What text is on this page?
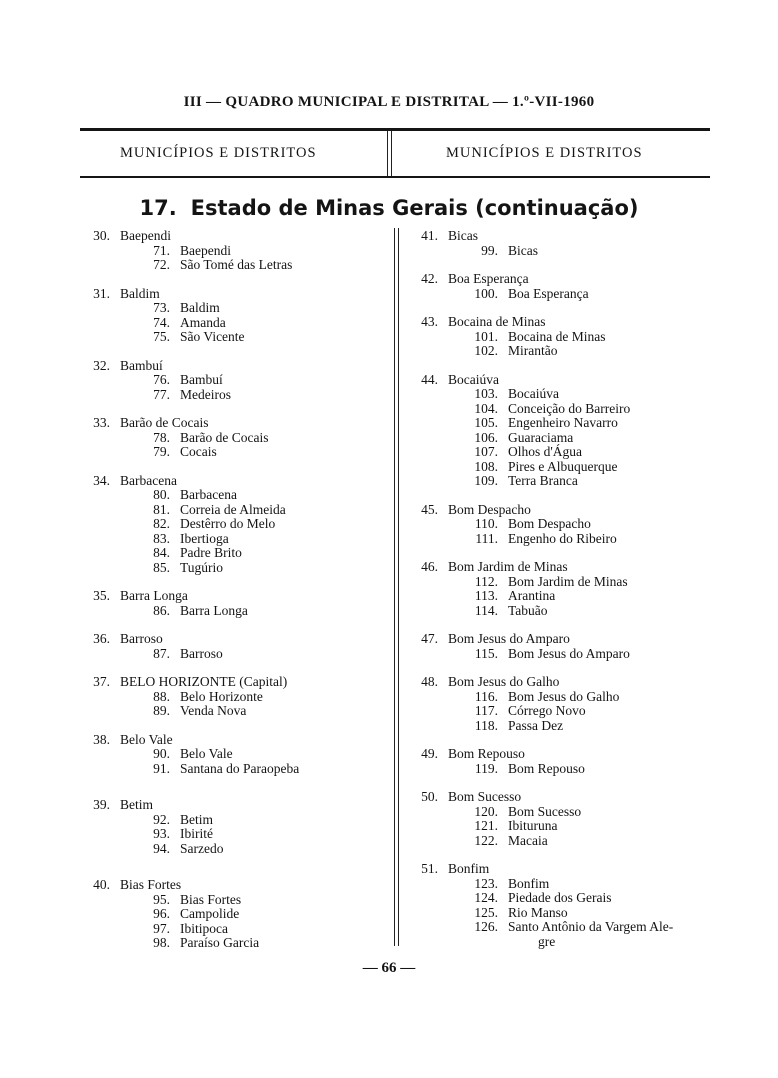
III — QUADRO MUNICIPAL E DISTRITAL — 1.º-VII-1960
MUNICÍPIOS E DISTRITOS	MUNICÍPIOS E DISTRITOS
17. Estado de Minas Gerais (continuação)
30. Baependi
71. Baependi
72. São Tomé das Letras
31. Baldim
73. Baldim
74. Amanda
75. São Vicente
32. Bambuí
76. Bambuí
77. Medeiros
33. Barão de Cocais
78. Barão de Cocais
79. Cocais
34. Barbacena
80. Barbacena
81. Correia de Almeida
82. Destêrro do Melo
83. Ibertioga
84. Padre Brito
85. Tugúrio
35. Barra Longa
86. Barra Longa
36. Barroso
87. Barroso
37. BELO HORIZONTE (Capital)
88. Belo Horizonte
89. Venda Nova
38. Belo Vale
90. Belo Vale
91. Santana do Paraopeba
39. Betim
92. Betim
93. Ibirité
94. Sarzedo
40. Bias Fortes
95. Bias Fortes
96. Campolide
97. Ibitipoca
98. Paraíso Garcia
41. Bicas
99. Bicas
42. Boa Esperança
100. Boa Esperança
43. Bocaina de Minas
101. Bocaina de Minas
102. Mirantão
44. Bocaiúva
103. Bocaiúva
104. Conceição do Barreiro
105. Engenheiro Navarro
106. Guaraciama
107. Olhos d'Água
108. Pires e Albuquerque
109. Terra Branca
45. Bom Despacho
110. Bom Despacho
111. Engenho do Ribeiro
46. Bom Jardim de Minas
112. Bom Jardim de Minas
113. Arantina
114. Tabuão
47. Bom Jesus do Amparo
115. Bom Jesus do Amparo
48. Bom Jesus do Galho
116. Bom Jesus do Galho
117. Córrego Novo
118. Passa Dez
49. Bom Repouso
119. Bom Repouso
50. Bom Sucesso
120. Bom Sucesso
121. Ibituruna
122. Macaia
51. Bonfim
123. Bonfim
124. Piedade dos Gerais
125. Rio Manso
126. Santo Antônio da Vargem Ale-
gre
— 66 —
